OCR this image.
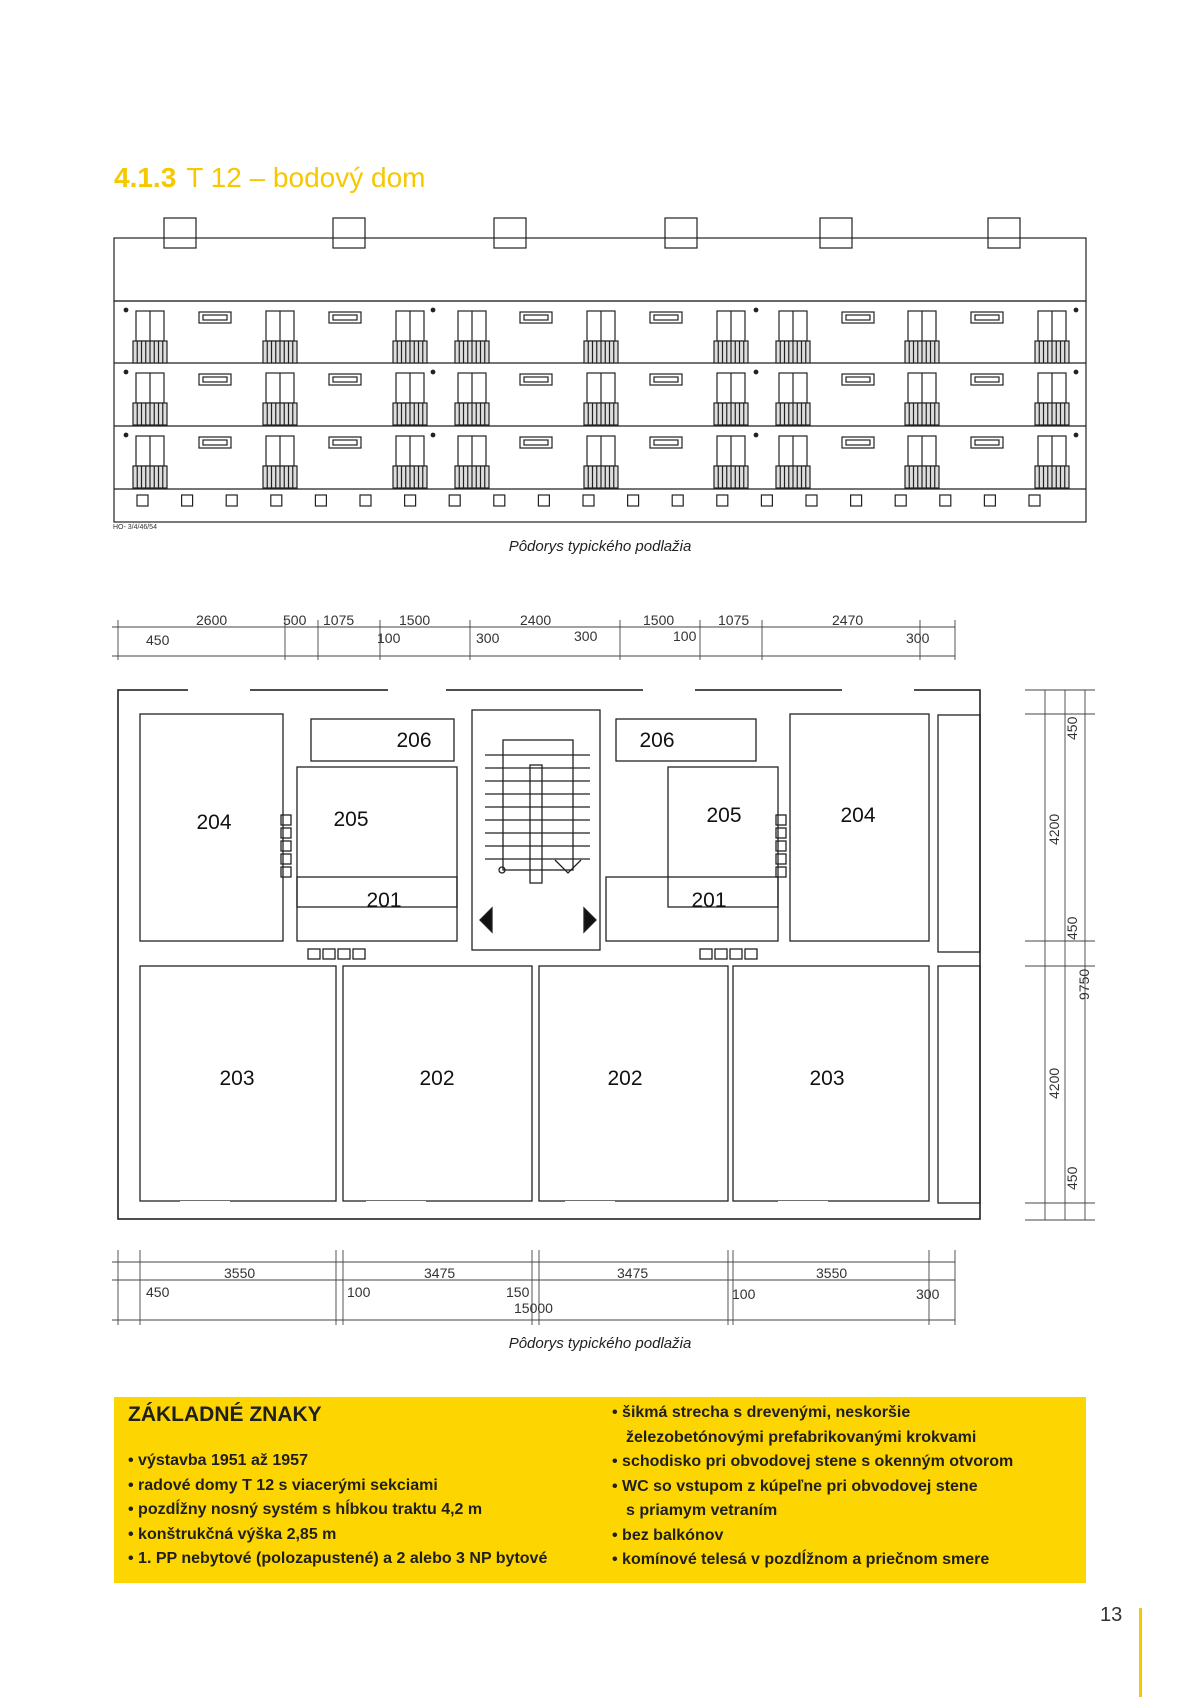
4.1.3 T 12 – bodový dom
HO- 3/4/46/54
206	206
204	205	205	204
201	201
203	202	202	203
2600	500 1075	1500	2400	1500	1075	2470
450	100	300	300	100	300
3550	3475	3475	3550
450	100	150	100	300
15000
450
4200
450
4200
450
9750
Pôdorys typického podlažia
Pôdorys typického podlažia
ZÁKLADNÉ ZNAKY
• výstavba 1951 až 1957
• radové domy T 12 s viacerými sekciami
• pozdĺžny nosný systém s hĺbkou traktu 4,2 m
• konštrukčná výška 2,85 m
• 1. PP nebytové (polozapustené) a 2 alebo 3 NP bytové
• šikmá strecha s drevenými, neskoršie
železobetónovými prefabrikovanými krokvami
• schodisko pri obvodovej stene s okenným otvorom
• WC so vstupom z kúpeľne pri obvodovej stene
s priamym vetraním
• bez balkónov
• komínové telesá v pozdĺžnom a priečnom smere
13
